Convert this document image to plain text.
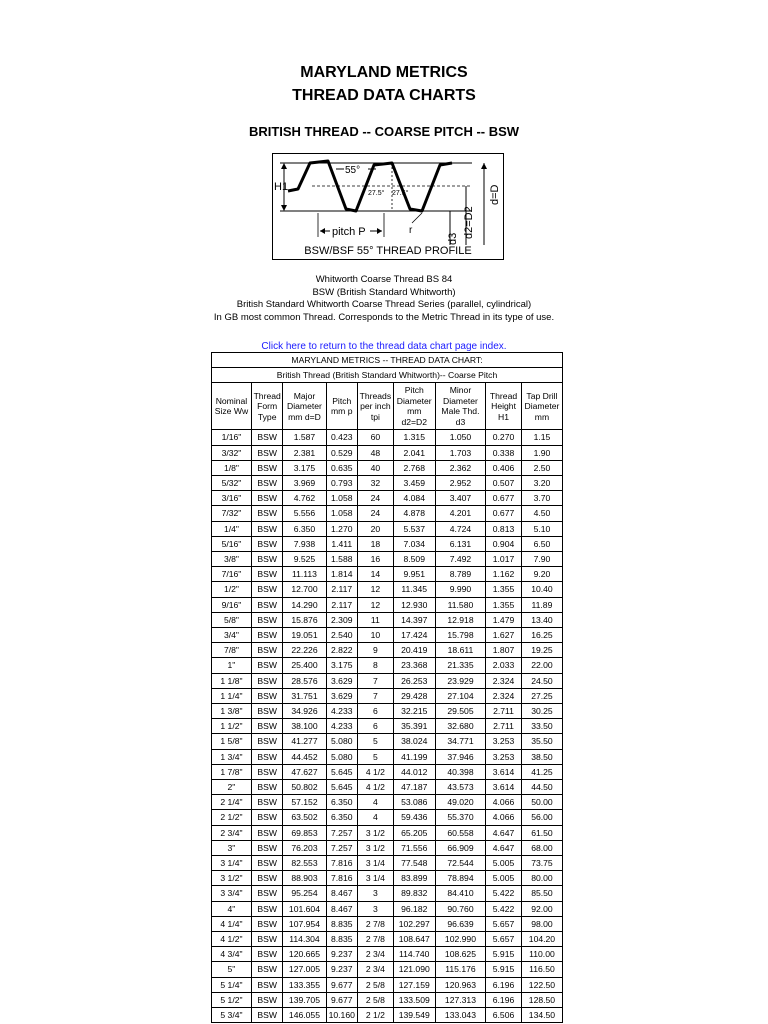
MARYLAND METRICS
THREAD DATA CHARTS
BRITISH THREAD -- COARSE PITCH -- BSW
H1
55°
27.5° 27.5°
pitch P	r
d3 d2=D2
d=D
BSW/BSF 55° THREAD PROFILE
Whitworth Coarse Thread BS 84
BSW (British Standard Whitworth)
British Standard Whitworth Coarse Thread Series (parallel, cylindrical)
In GB most common Thread. Corresponds to the Metric Thread in its type of use.
Click here to return to the thread data chart page index.
MARYLAND METRICS -- THREAD DATA CHART:								
British Thread (British Standard Whitworth)-- Coarse Pitch								
Nominal Size Ww	Thread Form Type	Major Diameter mm d=D	Pitch mm p	Threads per inch tpi	Pitch Diameter mm d2=D2	Minor Diameter Male Thd. d3	Thread Height H1	Tap Drill Diameter mm
1/16"	BSW	1.587	0.423	60	1.315	1.050	0.270	1.15
3/32"	BSW	2.381	0.529	48	2.041	1.703	0.338	1.90
1/8"	BSW	3.175	0.635	40	2.768	2.362	0.406	2.50
5/32"	BSW	3.969	0.793	32	3.459	2.952	0.507	3.20
3/16"	BSW	4.762	1.058	24	4.084	3.407	0.677	3.70
7/32"	BSW	5.556	1.058	24	4.878	4.201	0.677	4.50
1/4"	BSW	6.350	1.270	20	5.537	4.724	0.813	5.10
5/16"	BSW	7.938	1.411	18	7.034	6.131	0.904	6.50
3/8"	BSW	9.525	1.588	16	8.509	7.492	1.017	7.90
7/16"	BSW	11.113	1.814	14	9.951	8.789	1.162	9.20
1/2"	BSW	12.700	2.117	12	11.345	9.990	1.355	10.40
9/16"	BSW	14.290	2.117	12	12.930	11.580	1.355	11.89
5/8"	BSW	15.876	2.309	11	14.397	12.918	1.479	13.40
3/4"	BSW	19.051	2.540	10	17.424	15.798	1.627	16.25
7/8"	BSW	22.226	2.822	9	20.419	18.611	1.807	19.25
1"	BSW	25.400	3.175	8	23.368	21.335	2.033	22.00
1 1/8"	BSW	28.576	3.629	7	26.253	23.929	2.324	24.50
1 1/4"	BSW	31.751	3.629	7	29.428	27.104	2.324	27.25
1 3/8"	BSW	34.926	4.233	6	32.215	29.505	2.711	30.25
1 1/2"	BSW	38.100	4.233	6	35.391	32.680	2.711	33.50
1 5/8"	BSW	41.277	5.080	5	38.024	34.771	3.253	35.50
1 3/4"	BSW	44.452	5.080	5	41.199	37.946	3.253	38.50
1 7/8"	BSW	47.627	5.645	4 1/2	44.012	40.398	3.614	41.25
2"	BSW	50.802	5.645	4 1/2	47.187	43.573	3.614	44.50
2 1/4"	BSW	57.152	6.350	4	53.086	49.020	4.066	50.00
2 1/2"	BSW	63.502	6.350	4	59.436	55.370	4.066	56.00
2 3/4"	BSW	69.853	7.257	3 1/2	65.205	60.558	4.647	61.50
3"	BSW	76.203	7.257	3 1/2	71.556	66.909	4.647	68.00
3 1/4"	BSW	82.553	7.816	3 1/4	77.548	72.544	5.005	73.75
3 1/2"	BSW	88.903	7.816	3 1/4	83.899	78.894	5.005	80.00
3 3/4"	BSW	95.254	8.467	3	89.832	84.410	5.422	85.50
4"	BSW	101.604	8.467	3	96.182	90.760	5.422	92.00
4 1/4"	BSW	107.954	8.835	2 7/8	102.297	96.639	5.657	98.00
4 1/2"	BSW	114.304	8.835	2 7/8	108.647	102.990	5.657	104.20
4 3/4"	BSW	120.665	9.237	2 3/4	114.740	108.625	5.915	110.00
5"	BSW	127.005	9.237	2 3/4	121.090	115.176	5.915	116.50
5 1/4"	BSW	133.355	9.677	2 5/8	127.159	120.963	6.196	122.50
5 1/2"	BSW	139.705	9.677	2 5/8	133.509	127.313	6.196	128.50
5 3/4"	BSW	146.055	10.160	2 1/2	139.549	133.043	6.506	134.50
